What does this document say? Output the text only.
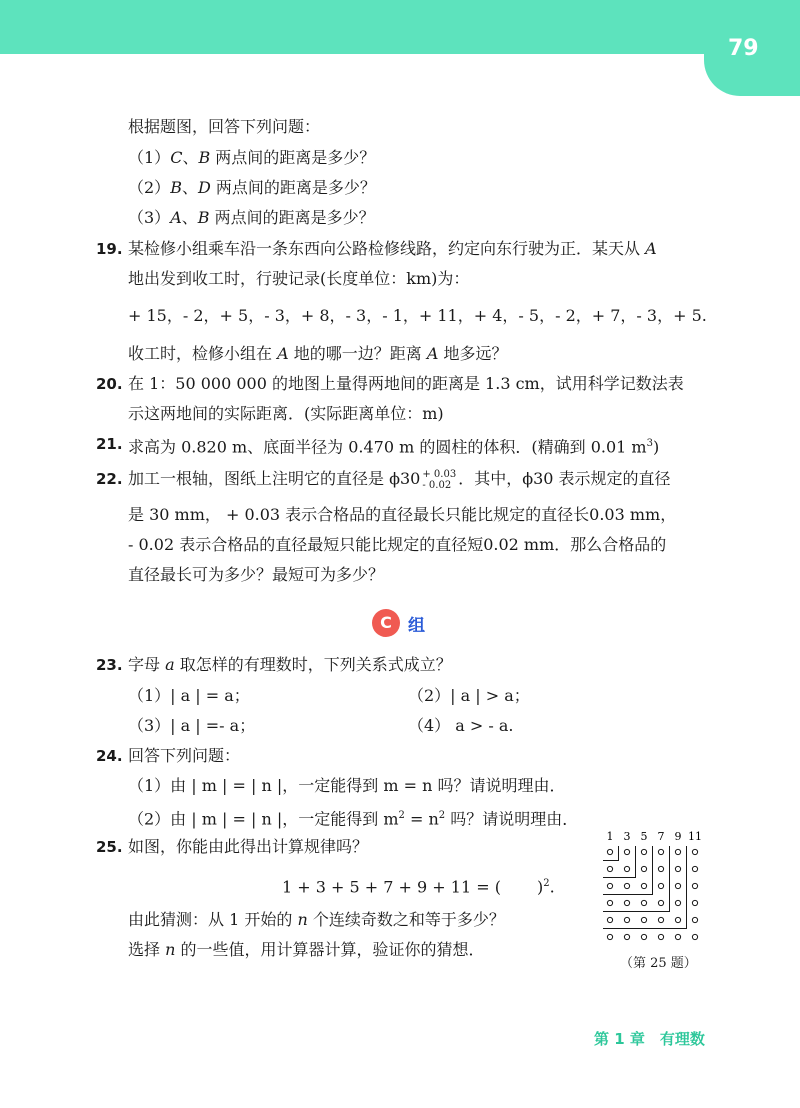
79
根据题图，回答下列问题：
（1）C、B 两点间的距离是多少？
（2）B、D 两点间的距离是多少？
（3）A、B 两点间的距离是多少？
19. 某检修小组乘车沿一条东西向公路检修线路，约定向东行驶为正．某天从 A
地出发到收工时，行驶记录(长度单位：km)为：
+ 15，- 2，+ 5，- 3，+ 8，- 3，- 1，+ 11，+ 4，- 5，- 2，+ 7，- 3，+ 5.
收工时，检修小组在 A 地的哪一边？距离 A 地多远？
20. 在 1：50 000 000 的地图上量得两地间的距离是 1.3 cm，试用科学记数法表
示这两地间的实际距离．(实际距离单位：m)
21. 求高为 0.820 m、底面半径为 0.470 m 的圆柱的体积．(精确到 0.01 $m^3$)
22. 加工一根轴，图纸上注明它的直径是 ϕ30 + 0.03
- 0.02 ．其中，ϕ30 表示规定的直径
是 30 mm， + 0.03 表示合格品的直径最长只能比规定的直径长0.03 mm，
- 0.02 表示合格品的直径最短只能比规定的直径短0.02 mm．那么合格品的
直径最长可为多少？最短可为多少？
C 组
23. 字母 a 取怎样的有理数时，下列关系式成立？
（1）| a | = a；	（2）| a | > a；
（3）| a | =- a；	（4） a > - a.
24. 回答下列问题：
（1）由 | m | = | n |，一定能得到 m = n 吗？请说明理由．
（2）由 | m | = | n |，一定能得到 $m^2 = n^2$ 吗？请说明理由．
25. 如图，你能由此得出计算规律吗？
1 + 3 + 5 + 7 + 9 + 11 = ( )$^2$.
由此猜测：从 1 开始的 n 个连续奇数之和等于多少？
选择 n 的一些值，用计算器计算，验证你的猜想．
1 3 5 7 9 11
（第 25 题）
第 1 章　有理数
